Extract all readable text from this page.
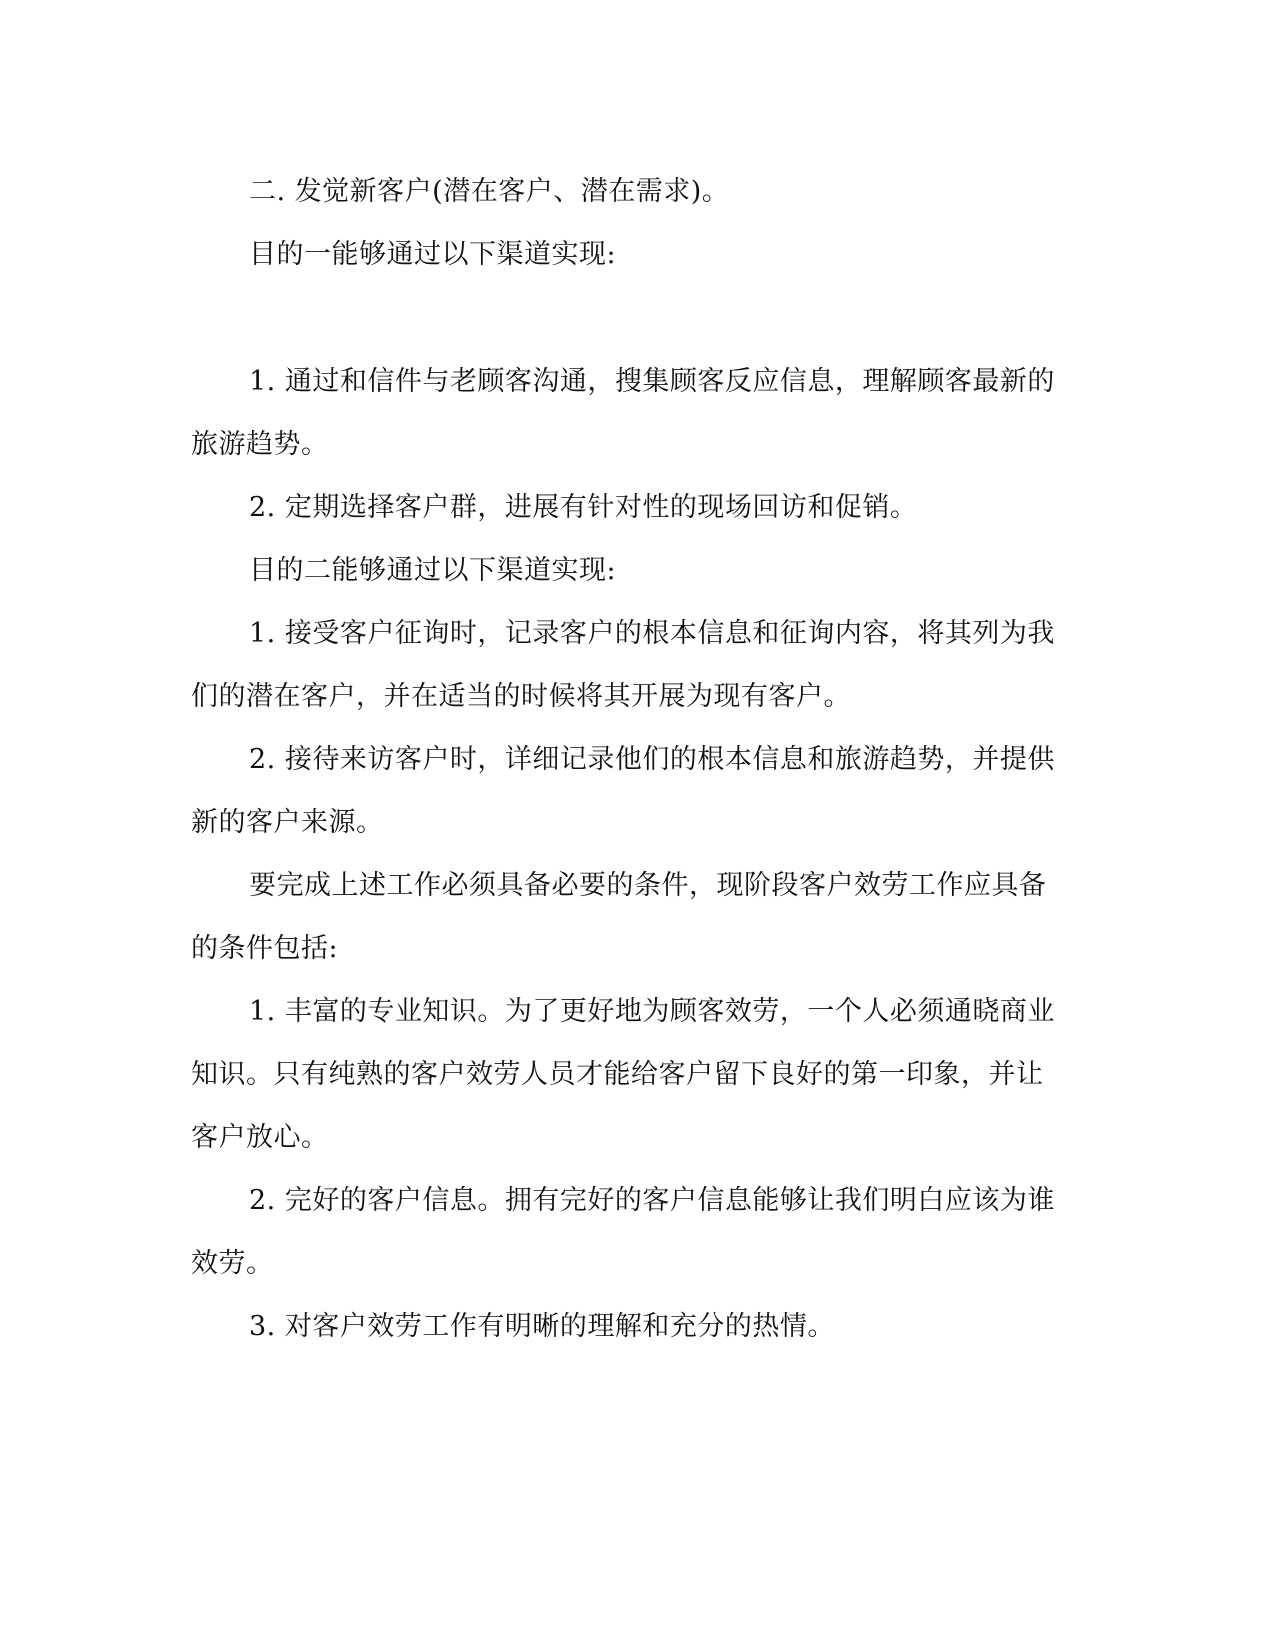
二. 发觉新客户(潜在客户、潜在需求)。

目的一能够通过以下渠道实现:

1. 通过和信件与老顾客沟通，搜集顾客反应信息，理解顾客最新的旅游趋势。

2. 定期选择客户群，进展有针对性的现场回访和促销。

目的二能够通过以下渠道实现:

1. 接受客户征询时，记录客户的根本信息和征询内容，将其列为我们的潜在客户，并在适当的时候将其开展为现有客户。

2. 接待来访客户时，详细记录他们的根本信息和旅游趋势，并提供新的客户来源。

要完成上述工作必须具备必要的条件，现阶段客户效劳工作应具备的条件包括:

1. 丰富的专业知识。为了更好地为顾客效劳，一个人必须通晓商业知识。只有纯熟的客户效劳人员才能给客户留下良好的第一印象，并让客户放心。

2. 完好的客户信息。拥有完好的客户信息能够让我们明白应该为谁效劳。

3. 对客户效劳工作有明晰的理解和充分的热情。
